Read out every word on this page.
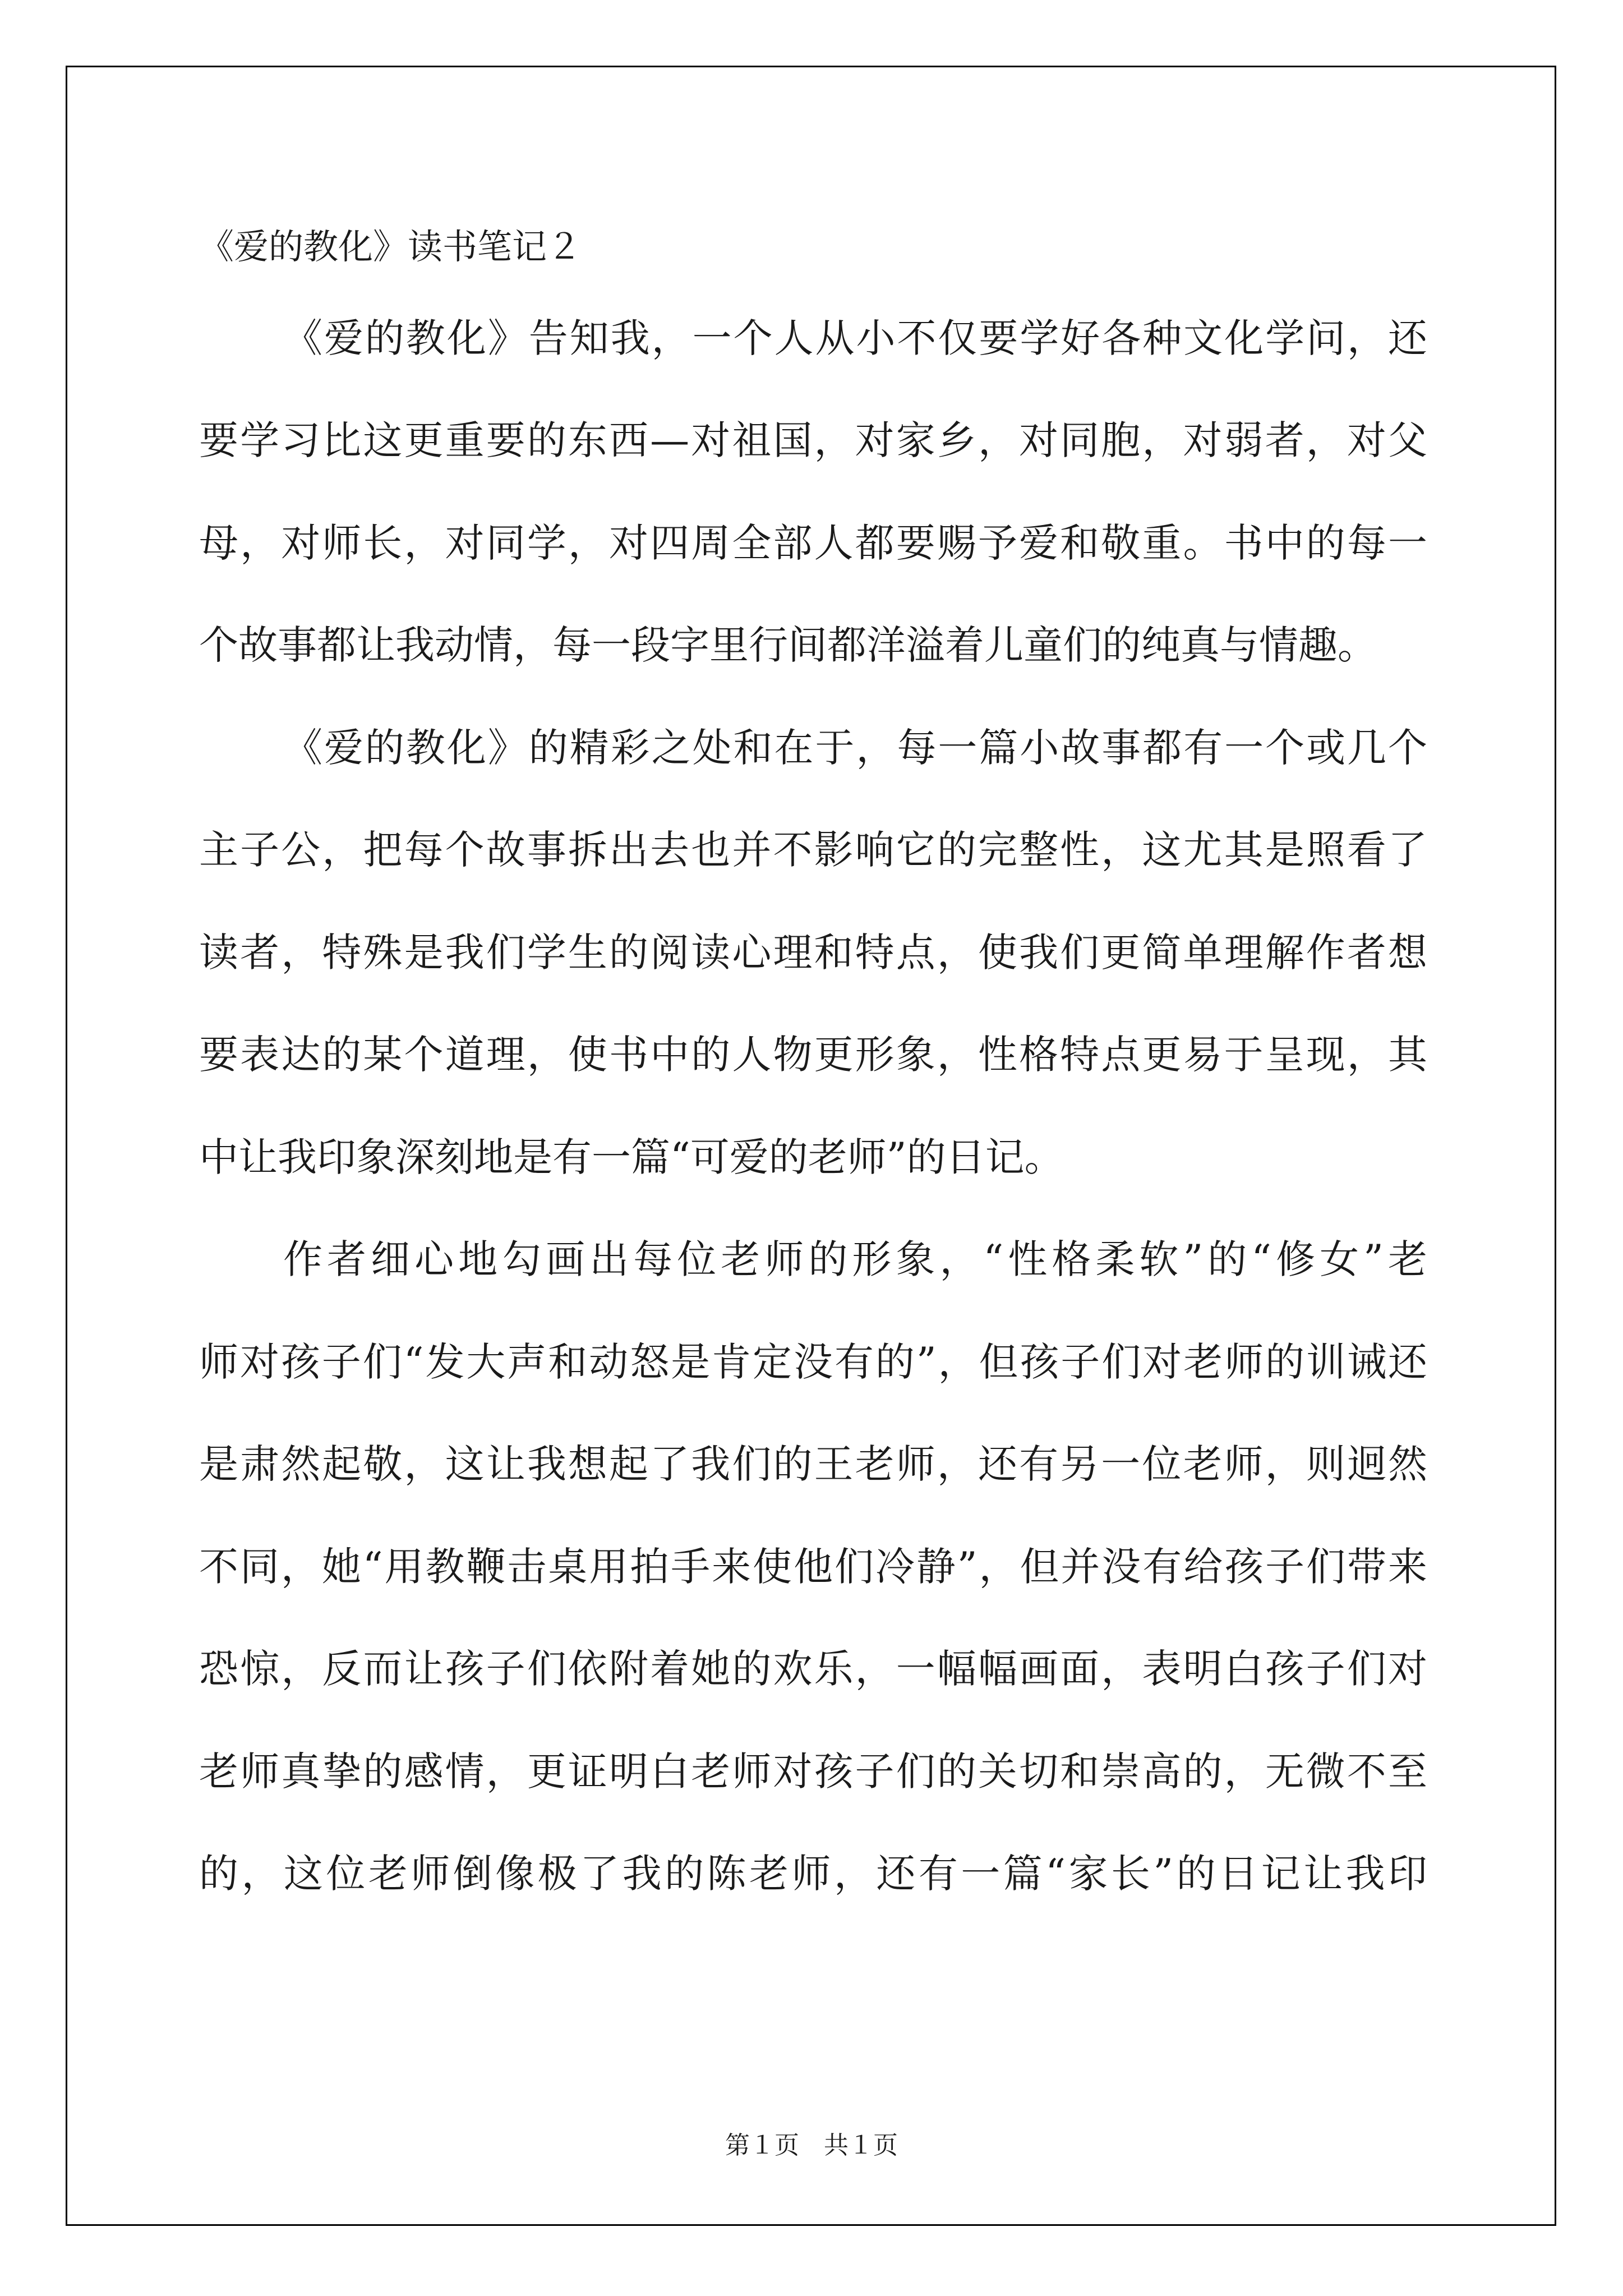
《爱的教化》读书笔记２

《爱的教化》告知我，一个人从小不仅要学好各种文化学问，还

要学习比这更重要的东西—对祖国，对家乡，对同胞，对弱者，对父

母，对师长，对同学，对四周全部人都要赐予爱和敬重。书中的每一

个故事都让我动情，每一段字里行间都洋溢着儿童们的纯真与情趣。

《爱的教化》的精彩之处和在于，每一篇小故事都有一个或几个

主子公，把每个故事拆出去也并不影响它的完整性，这尤其是照看了

读者，特殊是我们学生的阅读心理和特点，使我们更简单理解作者想

要表达的某个道理，使书中的人物更形象，性格特点更易于呈现，其

中让我印象深刻地是有一篇“可爱的老师”的日记。

作者细心地勾画出每位老师的形象，“性格柔软”的“修女”老

师对孩子们“发大声和动怒是肯定没有的”，但孩子们对老师的训诫还

是肃然起敬，这让我想起了我们的王老师，还有另一位老师，则迥然

不同，她“用教鞭击桌用拍手来使他们冷静”，但并没有给孩子们带来

恐惊，反而让孩子们依附着她的欢乐，一幅幅画面，表明白孩子们对

老师真挚的感情，更证明白老师对孩子们的关切和崇高的，无微不至

的，这位老师倒像极了我的陈老师，还有一篇“家长”的日记让我印

第１页　共１页
